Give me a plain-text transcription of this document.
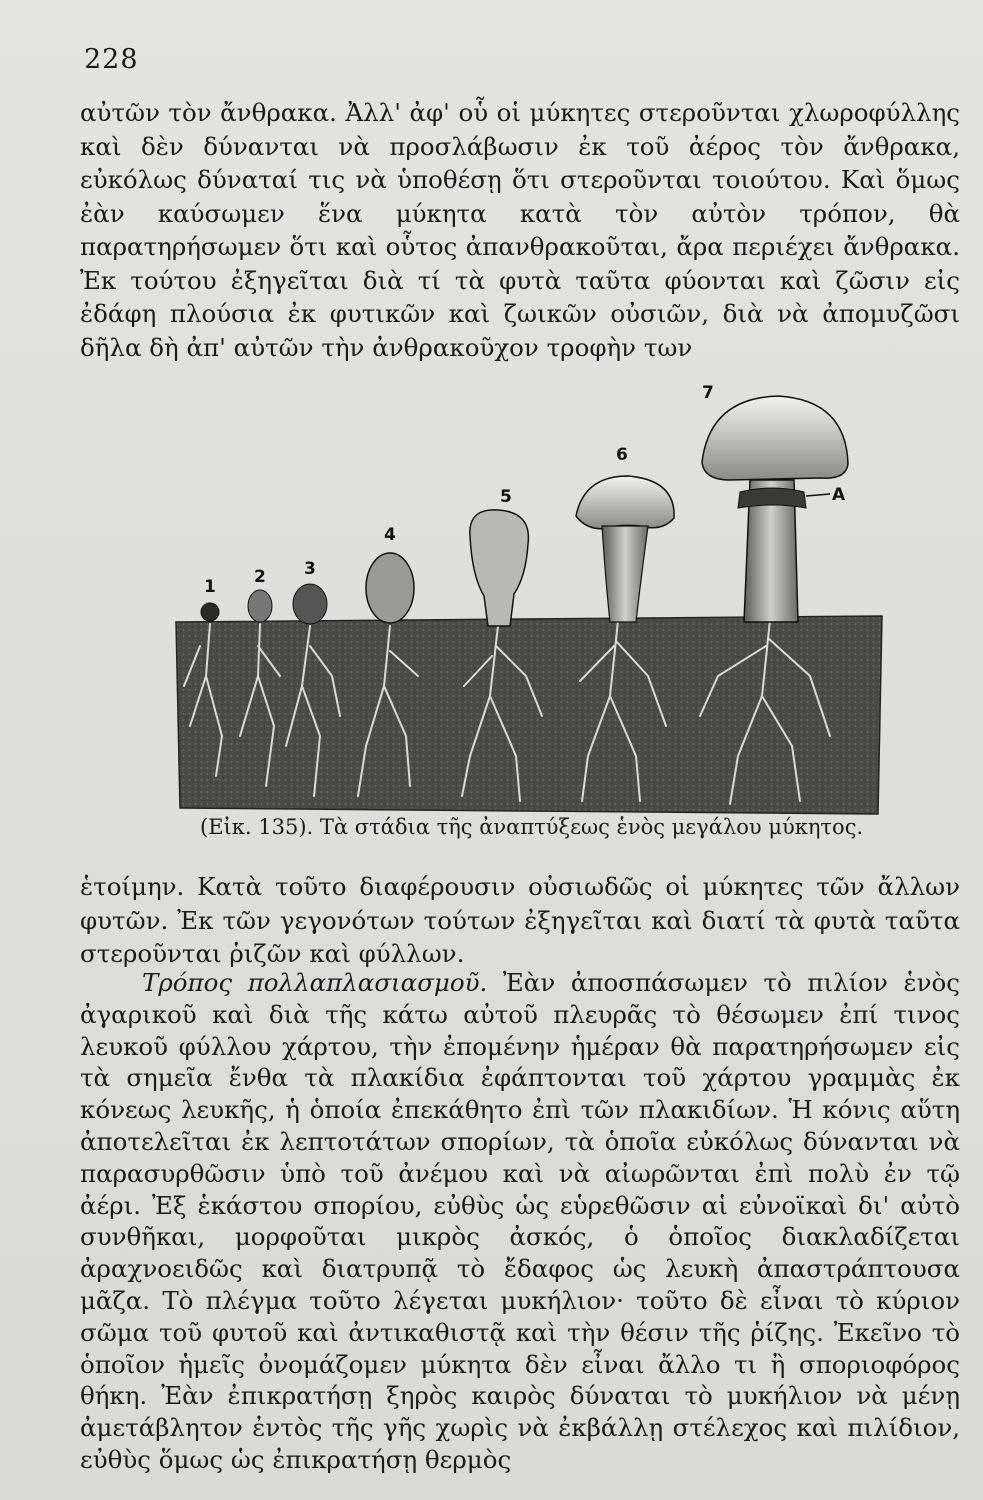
228

αὐτῶν τὸν ἄνθρακα. Ἀλλ' ἀφ' οὗ οἱ μύκητες στεροῦνται χλωροφύλλης καὶ δὲν δύνανται νὰ προσλάβωσιν ἐκ τοῦ ἀέρος τὸν ἄνθρακα, εὐκόλως δύναταί τις νὰ ὑποθέσῃ ὅτι στεροῦνται τοιούτου. Καὶ ὅμως ἐὰν καύσωμεν ἕνα μύκητα κατὰ τὸν αὐτὸν τρόπον, θὰ παρατηρήσωμεν ὅτι καὶ οὗτος ἀπανθρακοῦται, ἄρα περιέχει ἄνθρακα. Ἐκ τούτου ἐξηγεῖται διὰ τί τὰ φυτὰ ταῦτα φύονται καὶ ζῶσιν εἰς ἐδάφη πλούσια ἐκ φυτικῶν καὶ ζωικῶν οὐσιῶν, διὰ νὰ ἀπομυζῶσι δῆλα δὴ ἀπ' αὐτῶν τὴν ἀνθρακοῦχον τροφὴν των

1 2 3
4
5
6
7
A
(Εἰκ. 135). Τὰ στάδια τῆς ἀναπτύξεως ἑνὸς μεγάλου μύκητος.

ἑτοίμην. Κατὰ τοῦτο διαφέρουσιν οὐσιωδῶς οἱ μύκητες τῶν ἄλλων φυτῶν. Ἐκ τῶν γεγονότων τούτων ἐξηγεῖται καὶ διατί τὰ φυτὰ ταῦτα στεροῦνται ῥιζῶν καὶ φύλλων.

Τρόπος πολλαπλασιασμοῦ. Ἐὰν ἀποσπάσωμεν τὸ πιλίον ἑνὸς ἀγαρικοῦ καὶ διὰ τῆς κάτω αὐτοῦ πλευρᾶς τὸ θέσωμεν ἐπί τινος λευκοῦ φύλλου χάρτου, τὴν ἐπομένην ἡμέραν θὰ παρατηρήσωμεν εἰς τὰ σημεῖα ἔνθα τὰ πλακίδια ἐφάπτονται τοῦ χάρτου γραμμὰς ἐκ κόνεως λευκῆς, ἡ ὁποία ἐπεκάθητο ἐπὶ τῶν πλακιδίων. Ἡ κόνις αὕτη ἀποτελεῖται ἐκ λεπτοτάτων σπορίων, τὰ ὁποῖα εὐκόλως δύνανται νὰ παρασυρθῶσιν ὑπὸ τοῦ ἀνέμου καὶ νὰ αἰωρῶνται ἐπὶ πολὺ ἐν τῷ ἀέρι. Ἐξ ἑκάστου σπορίου, εὐθὺς ὡς εὑρεθῶσιν αἱ εὐνοϊκαὶ δι' αὐτὸ συνθῆκαι, μορφοῦται μικρὸς ἀσκός, ὁ ὁποῖος διακλαδίζεται ἀραχνοειδῶς καὶ διατρυπᾷ τὸ ἔδαφος ὡς λευκὴ ἀπαστράπτουσα μᾶζα. Τὸ πλέγμα τοῦτο λέγεται μυκήλιον· τοῦτο δὲ εἶναι τὸ κύριον σῶμα τοῦ φυτοῦ καὶ ἀντικαθιστᾷ καὶ τὴν θέσιν τῆς ῥίζης. Ἐκεῖνο τὸ ὁποῖον ἡμεῖς ὀνομάζομεν μύκητα δὲν εἶναι ἄλλο τι ἢ σποριοφόρος θήκη. Ἐὰν ἐπικρατήσῃ ξηρὸς καιρὸς δύναται τὸ μυκήλιον νὰ μένῃ ἀμετάβλητον ἐντὸς τῆς γῆς χωρὶς νὰ ἐκβάλλῃ στέλεχος καὶ πιλίδιον, εὐθὺς ὅμως ὡς ἐπικρατήσῃ θερμὸς
